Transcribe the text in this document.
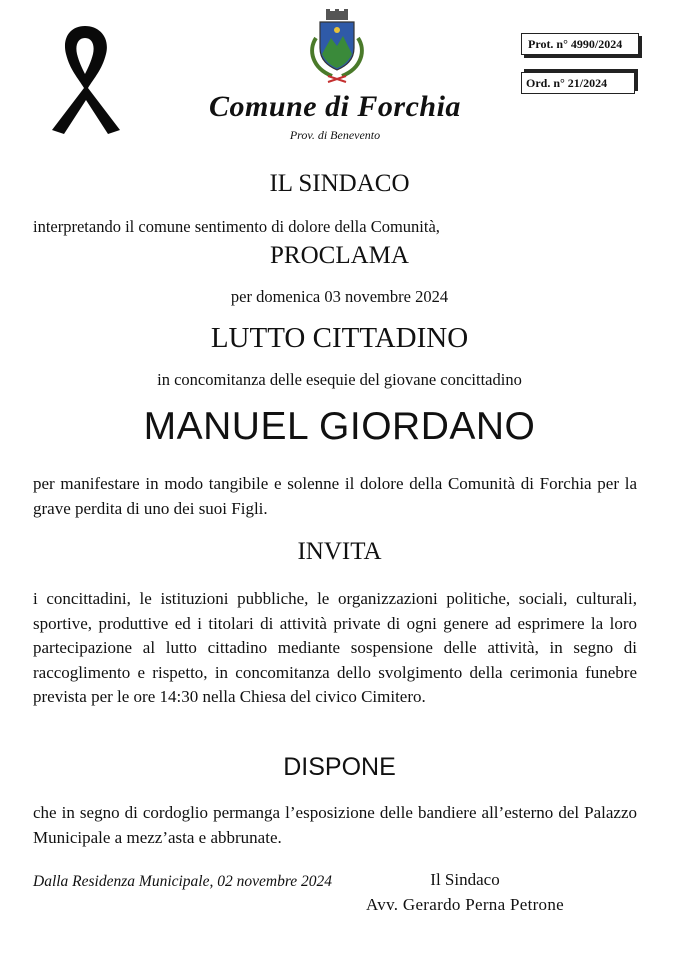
Prot. n° 4990/2024
Ord. n° 21/2024
Comune di Forchia
Prov. di Benevento
IL SINDACO
interpretando il comune sentimento di dolore della Comunità,
PROCLAMA
per domenica 03 novembre 2024
LUTTO CITTADINO
in concomitanza delle esequie del giovane concittadino
MANUEL GIORDANO
per manifestare in modo tangibile e solenne il dolore della Comunità di Forchia per la grave perdita di uno dei suoi Figli.
INVITA
i concittadini, le istituzioni pubbliche, le organizzazioni politiche, sociali, culturali, sportive, produttive ed i titolari di attività private di ogni genere ad esprimere la loro partecipazione al lutto cittadino mediante sospensione delle attività, in segno di raccoglimento e rispetto, in concomitanza dello svolgimento della cerimonia funebre prevista per le ore 14:30 nella Chiesa del civico Cimitero.
DISPONE
che in segno di cordoglio permanga l’esposizione delle bandiere all’esterno del Palazzo Municipale a mezz’asta e abbrunate.
Dalla Residenza Municipale, 02 novembre 2024	Il Sindaco
Avv. Gerardo Perna Petrone
